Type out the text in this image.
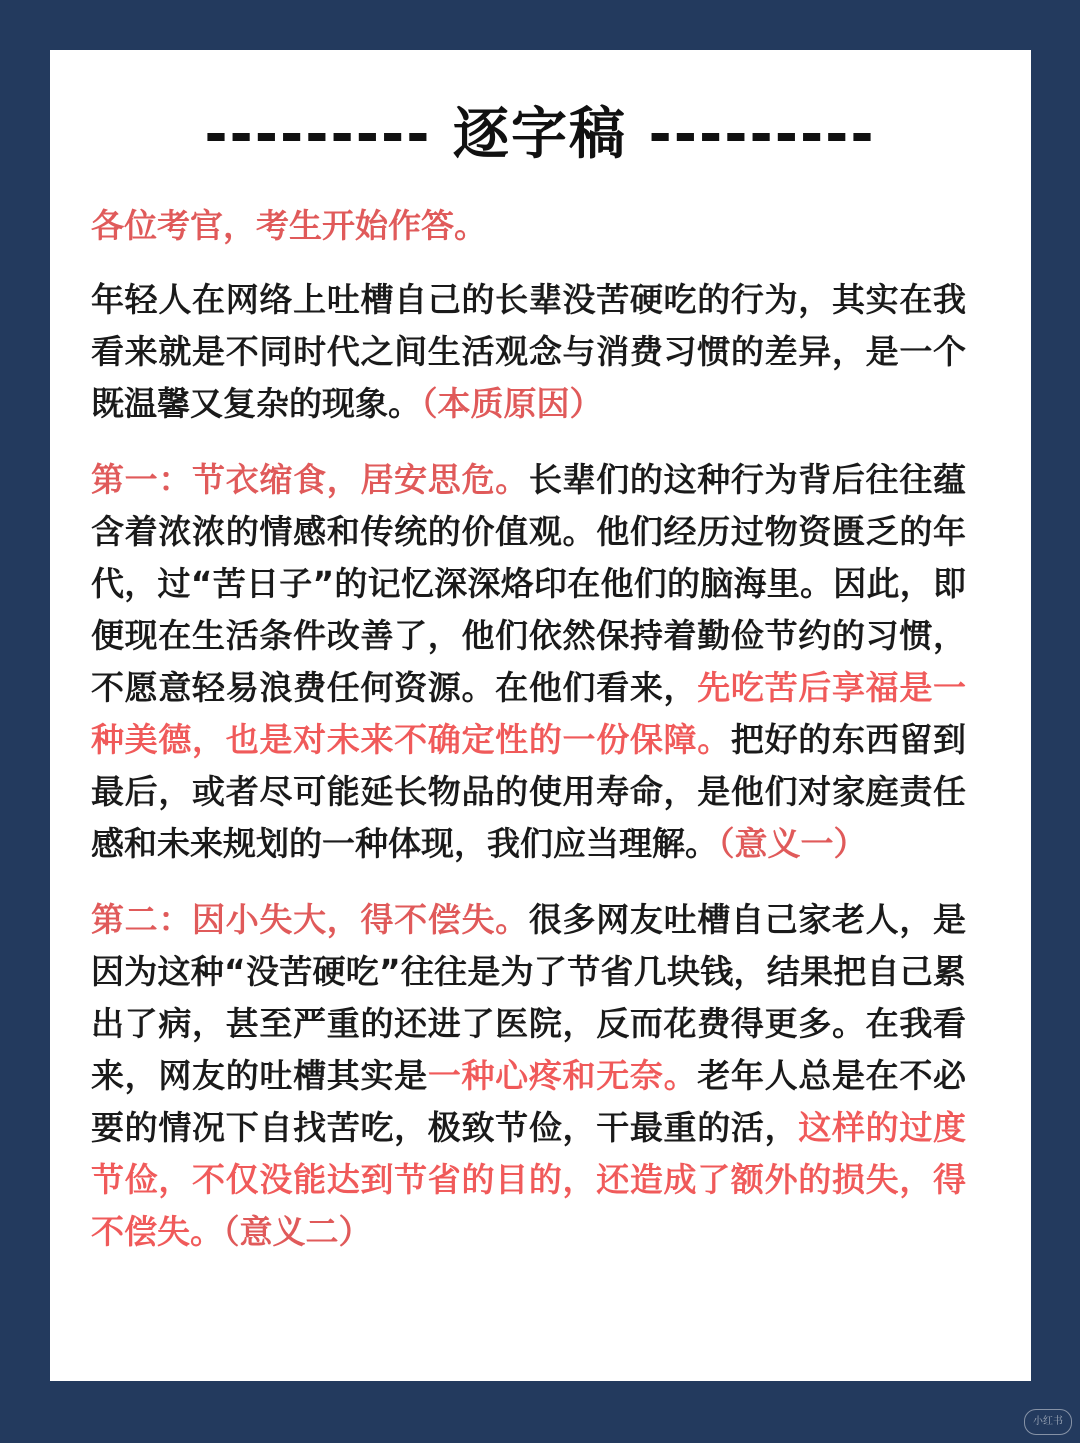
--------- 逐字稿 ---------

各位考官，考生开始作答。

年轻人在网络上吐槽自己的长辈没苦硬吃的行为，其实在我看来就是不同时代之间生活观念与消费习惯的差异，是一个既温馨又复杂的现象。（本质原因）

第一：节衣缩食，居安思危。长辈们的这种行为背后往往蕴含着浓浓的情感和传统的价值观。他们经历过物资匮乏的年代，过“苦日子”的记忆深深烙印在他们的脑海里。因此，即便现在生活条件改善了，他们依然保持着勤俭节约的习惯，不愿意轻易浪费任何资源。在他们看来，先吃苦后享福是一种美德，也是对未来不确定性的一份保障。把好的东西留到最后，或者尽可能延长物品的使用寿命，是他们对家庭责任感和未来规划的一种体现，我们应当理解。（意义一）

第二：因小失大，得不偿失。很多网友吐槽自己家老人，是因为这种“没苦硬吃”往往是为了节省几块钱，结果把自己累出了病，甚至严重的还进了医院，反而花费得更多。在我看来，网友的吐槽其实是一种心疼和无奈。老年人总是在不必要的情况下自找苦吃，极致节俭，干最重的活，这样的过度节俭，不仅没能达到节省的目的，还造成了额外的损失，得不偿失。（意义二）

小红书
